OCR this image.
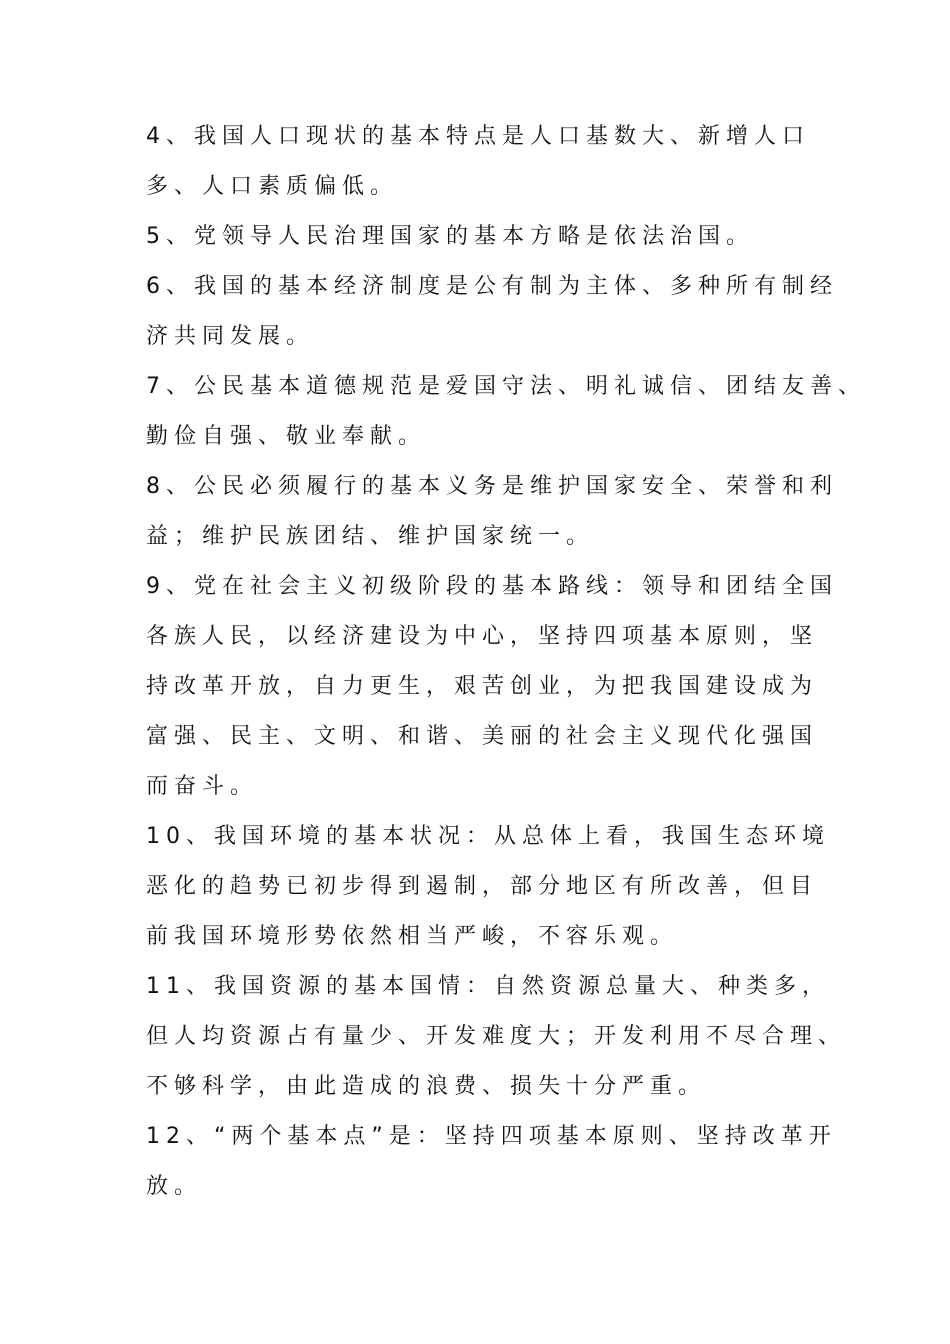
4、我国人口现状的基本特点是人口基数大、新增人口
多、人口素质偏低。

5、党领导人民治理国家的基本方略是依法治国。

6、我国的基本经济制度是公有制为主体、多种所有制经
济共同发展。

7、公民基本道德规范是爱国守法、明礼诚信、团结友善、
勤俭自强、敬业奉献。

8、公民必须履行的基本义务是维护国家安全、荣誉和利
益；维护民族团结、维护国家统一。

9、党在社会主义初级阶段的基本路线：领导和团结全国
各族人民，以经济建设为中心，坚持四项基本原则，坚
持改革开放，自力更生，艰苦创业，为把我国建设成为
富强、民主、文明、和谐、美丽的社会主义现代化强国
而奋斗。

10、我国环境的基本状况：从总体上看，我国生态环境
恶化的趋势已初步得到遏制，部分地区有所改善，但目
前我国环境形势依然相当严峻，不容乐观。

11、我国资源的基本国情：自然资源总量大、种类多，
但人均资源占有量少、开发难度大；开发利用不尽合理、
不够科学，由此造成的浪费、损失十分严重。

12、“两个基本点”是：坚持四项基本原则、坚持改革开
放。
